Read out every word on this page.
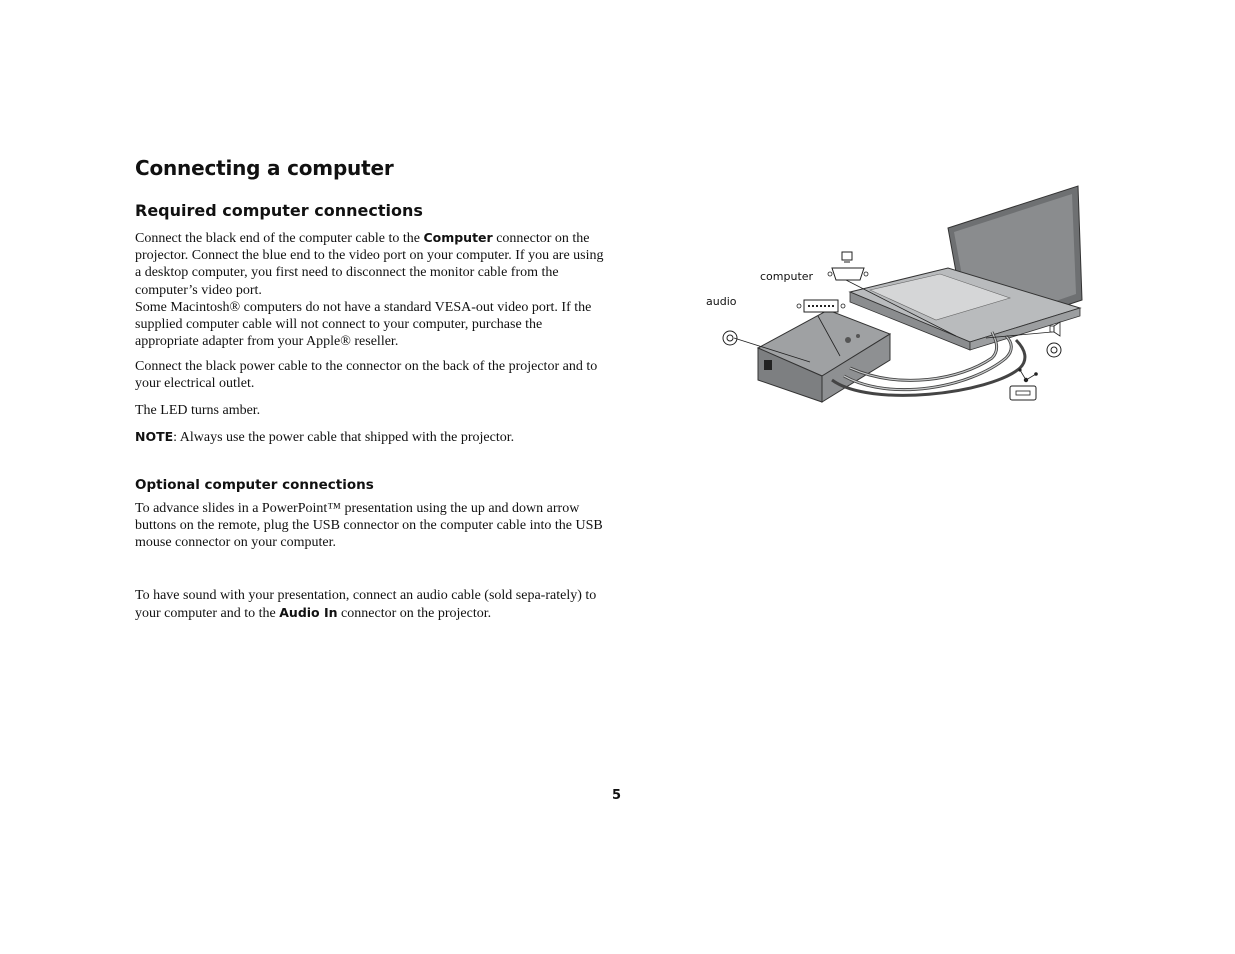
Connecting a computer
Required computer connections

Connect the black end of the computer cable to the Computer connector on the projector. Connect the blue end to the video port on your computer. If you are using a desktop computer, you first need to disconnect the monitor cable from the computer’s video port.
Some Macintosh® computers do not have a standard VESA-out video port. If the supplied computer cable will not connect to your computer, purchase the appropriate adapter from your Apple® reseller.

Connect the black power cable to the connector on the back of the projector and to your electrical outlet.

The LED turns amber.

NOTE: Always use the power cable that shipped with the projector.

Optional computer connections

To advance slides in a PowerPoint™ presentation using the up and down arrow buttons on the remote, plug the USB connector on the computer cable into the USB mouse connector on your computer.

To have sound with your presentation, connect an audio cable (sold sepa-rately) to your computer and to the Audio In connector on the projector.

computer
audio
5
